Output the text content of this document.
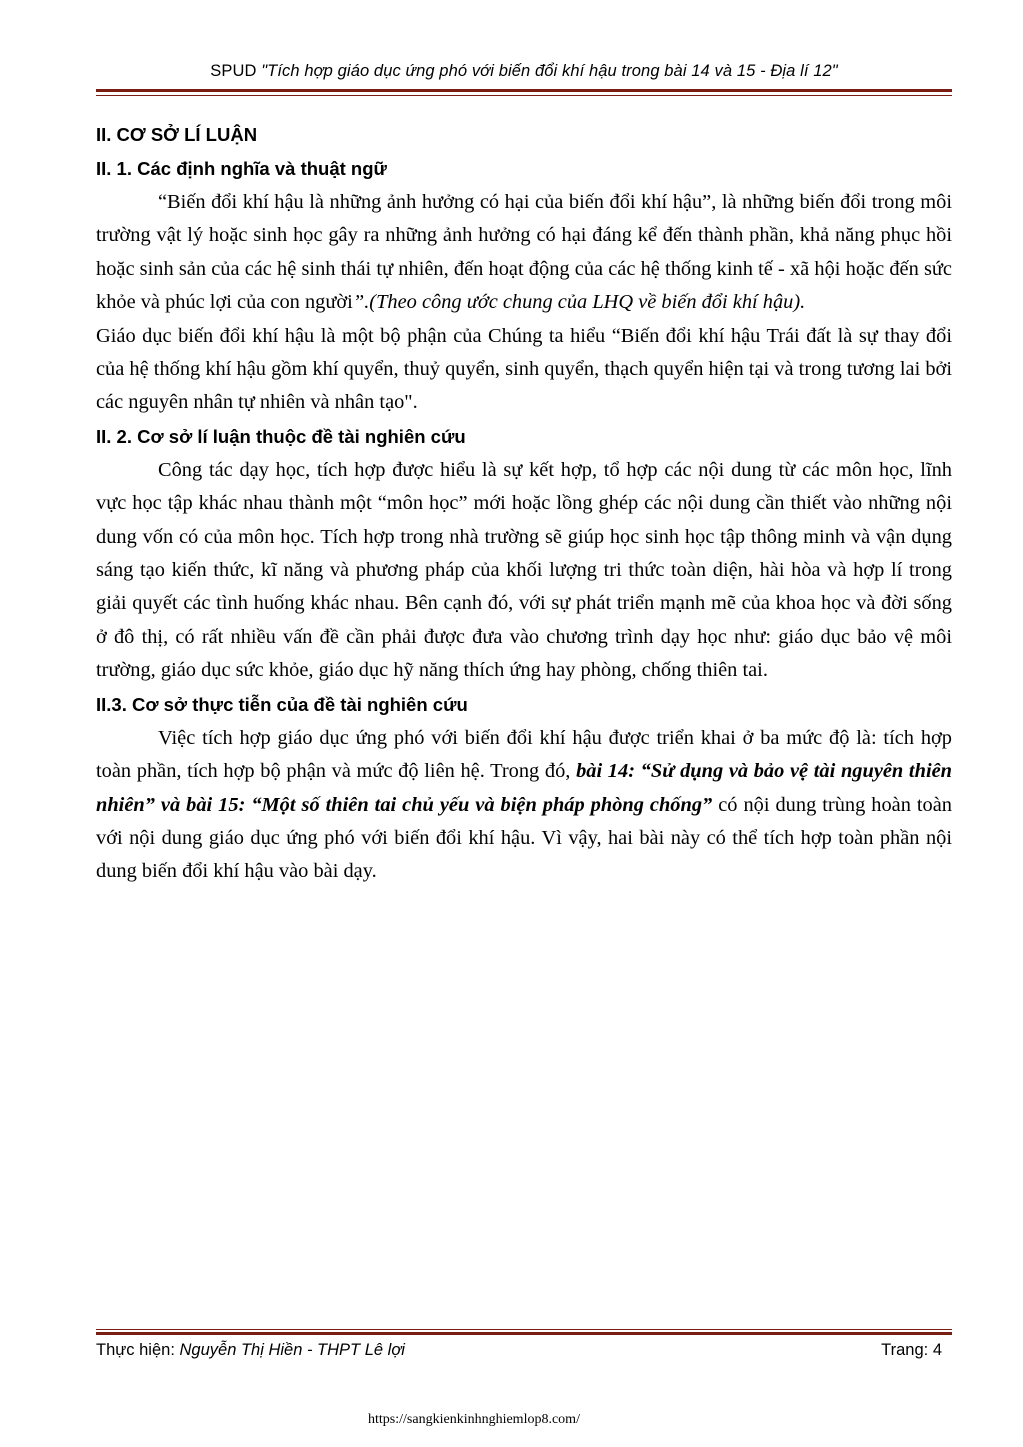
SPUD "Tích hợp giáo dục ứng phó với biến đổi khí hậu trong bài 14 và 15 - Địa lí 12"
II. CƠ SỞ LÍ LUẬN
II. 1. Các định nghĩa và thuật ngữ

“Biến đổi khí hậu là những ảnh hưởng có hại của biến đổi khí hậu”, là những biến đổi trong môi trường vật lý hoặc sinh học gây ra những ảnh hưởng có hại đáng kể đến thành phần, khả năng phục hồi hoặc sinh sản của các hệ sinh thái tự nhiên, đến hoạt động của các hệ thống kinh tế - xã hội hoặc đến sức khỏe và phúc lợi của con người”.(Theo công ước chung của LHQ về biến đổi khí hậu).

Giáo dục biến đổi khí hậu là một bộ phận của Chúng ta hiểu “Biến đổi khí hậu Trái đất là sự thay đổi của hệ thống khí hậu gồm khí quyển, thuỷ quyển, sinh quyển, thạch quyển hiện tại và trong tương lai bởi các nguyên nhân tự nhiên và nhân tạo".

II. 2. Cơ sở lí luận thuộc đề tài nghiên cứu

Công tác dạy học, tích hợp được hiểu là sự kết hợp, tổ hợp các nội dung từ các môn học, lĩnh vực học tập khác nhau thành một “môn học” mới hoặc lồng ghép các nội dung cần thiết vào những nội dung vốn có của môn học. Tích hợp trong nhà trường sẽ giúp học sinh học tập thông minh và vận dụng sáng tạo kiến thức, kĩ năng và phương pháp của khối lượng tri thức toàn diện, hài hòa và hợp lí trong giải quyết các tình huống khác nhau. Bên cạnh đó, với sự phát triển mạnh mẽ của khoa học và đời sống ở đô thị, có rất nhiều vấn đề cần phải được đưa vào chương trình dạy học như: giáo dục bảo vệ môi trường, giáo dục sức khỏe, giáo dục hỹ năng thích ứng hay phòng, chống thiên tai.

II.3. Cơ sở thực tiễn của đề tài nghiên cứu

Việc tích hợp giáo dục ứng phó với biến đổi khí hậu được triển khai ở ba mức độ là: tích hợp toàn phần, tích hợp bộ phận và mức độ liên hệ. Trong đó, bài 14: “Sử dụng và bảo vệ tài nguyên thiên nhiên” và bài 15: “Một số thiên tai chủ yếu và biện pháp phòng chống” có nội dung trùng hoàn toàn với nội dung giáo dục ứng phó với biến đổi khí hậu. Vì vậy, hai bài này có thể tích hợp toàn phần nội dung biến đổi khí hậu vào bài dạy.

Thực hiện: Nguyễn Thị Hiền - THPT Lê lợi	Trang: 4
https://sangkienkinhnghiemlop8.com/
